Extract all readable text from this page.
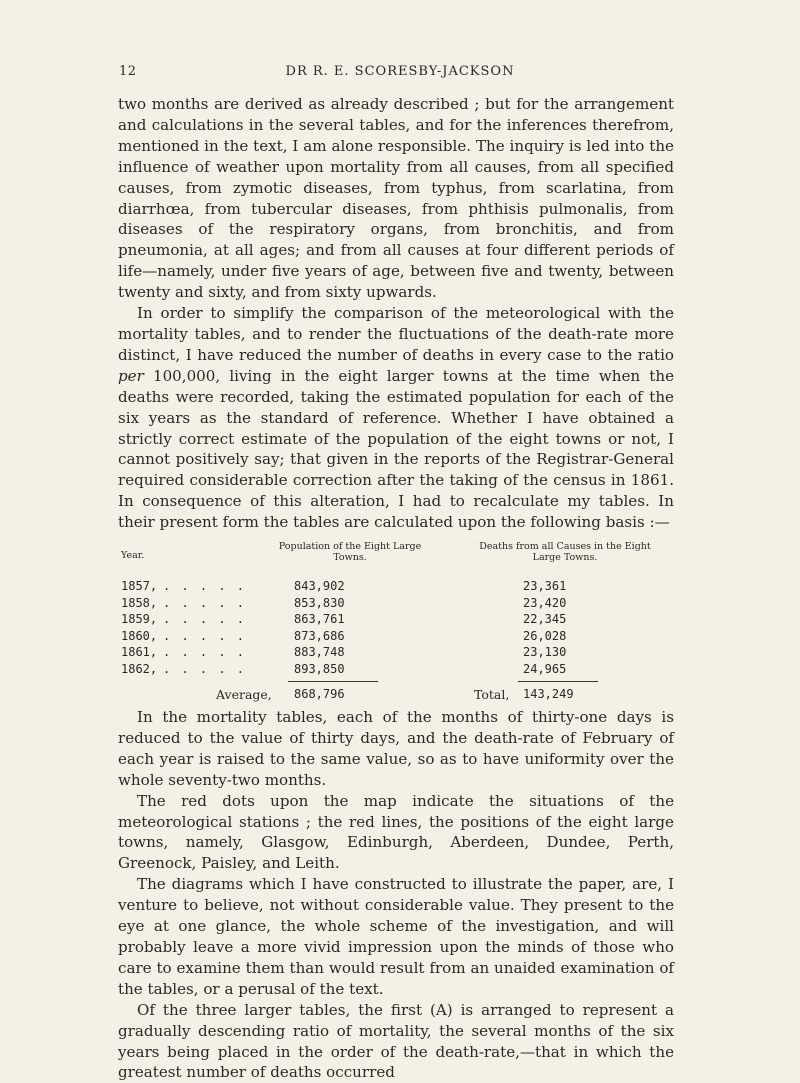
12	DR R. E. SCORESBY-JACKSON

two months are derived as already described ; but for the arrangement and calculations in the several tables, and for the inferences therefrom, mentioned in the text, I am alone responsible. The inquiry is led into the influence of weather upon mortality from all causes, from all specified causes, from zymotic diseases, from typhus, from scarlatina, from diarrhœa, from tubercular diseases, from phthisis pulmonalis, from diseases of the respiratory organs, from bronchitis, and from pneumonia, at all ages; and from all causes at four different periods of life—namely, under five years of age, between five and twenty, between twenty and sixty, and from sixty upwards.

In order to simplify the comparison of the meteorological with the mortality tables, and to render the fluctuations of the death-rate more distinct, I have reduced the number of deaths in every case to the ratio per 100,000, living in the eight larger towns at the time when the deaths were recorded, taking the estimated population for each of the six years as the standard of reference. Whether I have obtained a strictly correct estimate of the population of the eight towns or not, I cannot positively say; that given in the reports of the Registrar-General required considerable correction after the taking of the census in 1861. In consequence of this alteration, I had to recalculate my tables. In their present form the tables are calculated upon the following basis :—

Year.
Population of the Eight Large Towns.
Deaths from all Causes in the Eight Large Towns.
1857, . . . . .	843,902	23,361
1858, . . . . .	853,830	23,420
1859, . . . . .	863,761	22,345
1860, . . . . .	873,686	26,028
1861, . . . . .	883,748	23,130
1862, . . . . .	893,850	24,965
Average, 868,796	Total, 143,249

In the mortality tables, each of the months of thirty-one days is reduced to the value of thirty days, and the death-rate of February of each year is raised to the same value, so as to have uniformity over the whole seventy-two months.

The red dots upon the map indicate the situations of the meteorological stations ; the red lines, the positions of the eight large towns, namely, Glasgow, Edinburgh, Aberdeen, Dundee, Perth, Greenock, Paisley, and Leith.

The diagrams which I have constructed to illustrate the paper, are, I venture to believe, not without considerable value. They present to the eye at one glance, the whole scheme of the investigation, and will probably leave a more vivid impression upon the minds of those who care to examine them than would result from an unaided examination of the tables, or a perusal of the text.

Of the three larger tables, the first (A) is arranged to represent a gradually descending ratio of mortality, the several months of the six years being placed in the order of the death-rate,—that in which the greatest number of deaths occurred
